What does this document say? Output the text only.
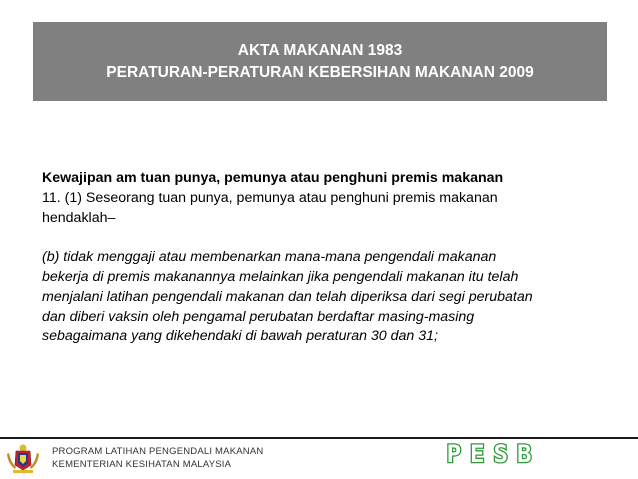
AKTA MAKANAN 1983
PERATURAN-PERATURAN KEBERSIHAN MAKANAN 2009
Kewajipan am tuan punya, pemunya atau penghuni premis makanan
11. (1) Seseorang tuan punya, pemunya atau penghuni premis makanan
hendaklah–
(b) tidak menggaji atau membenarkan mana-mana pengendali makanan
bekerja di premis makanannya melainkan jika pengendali makanan itu telah
menjalani latihan pengendali makanan dan telah diperiksa dari segi perubatan
dan diberi vaksin oleh pengamal perubatan berdaftar masing-masing
sebagaimana yang dikehendaki di bawah peraturan 30 dan 31;
PROGRAM LATIHAN PENGENDALI MAKANAN
KEMENTERIAN KESIHATAN MALAYSIA	PESB
